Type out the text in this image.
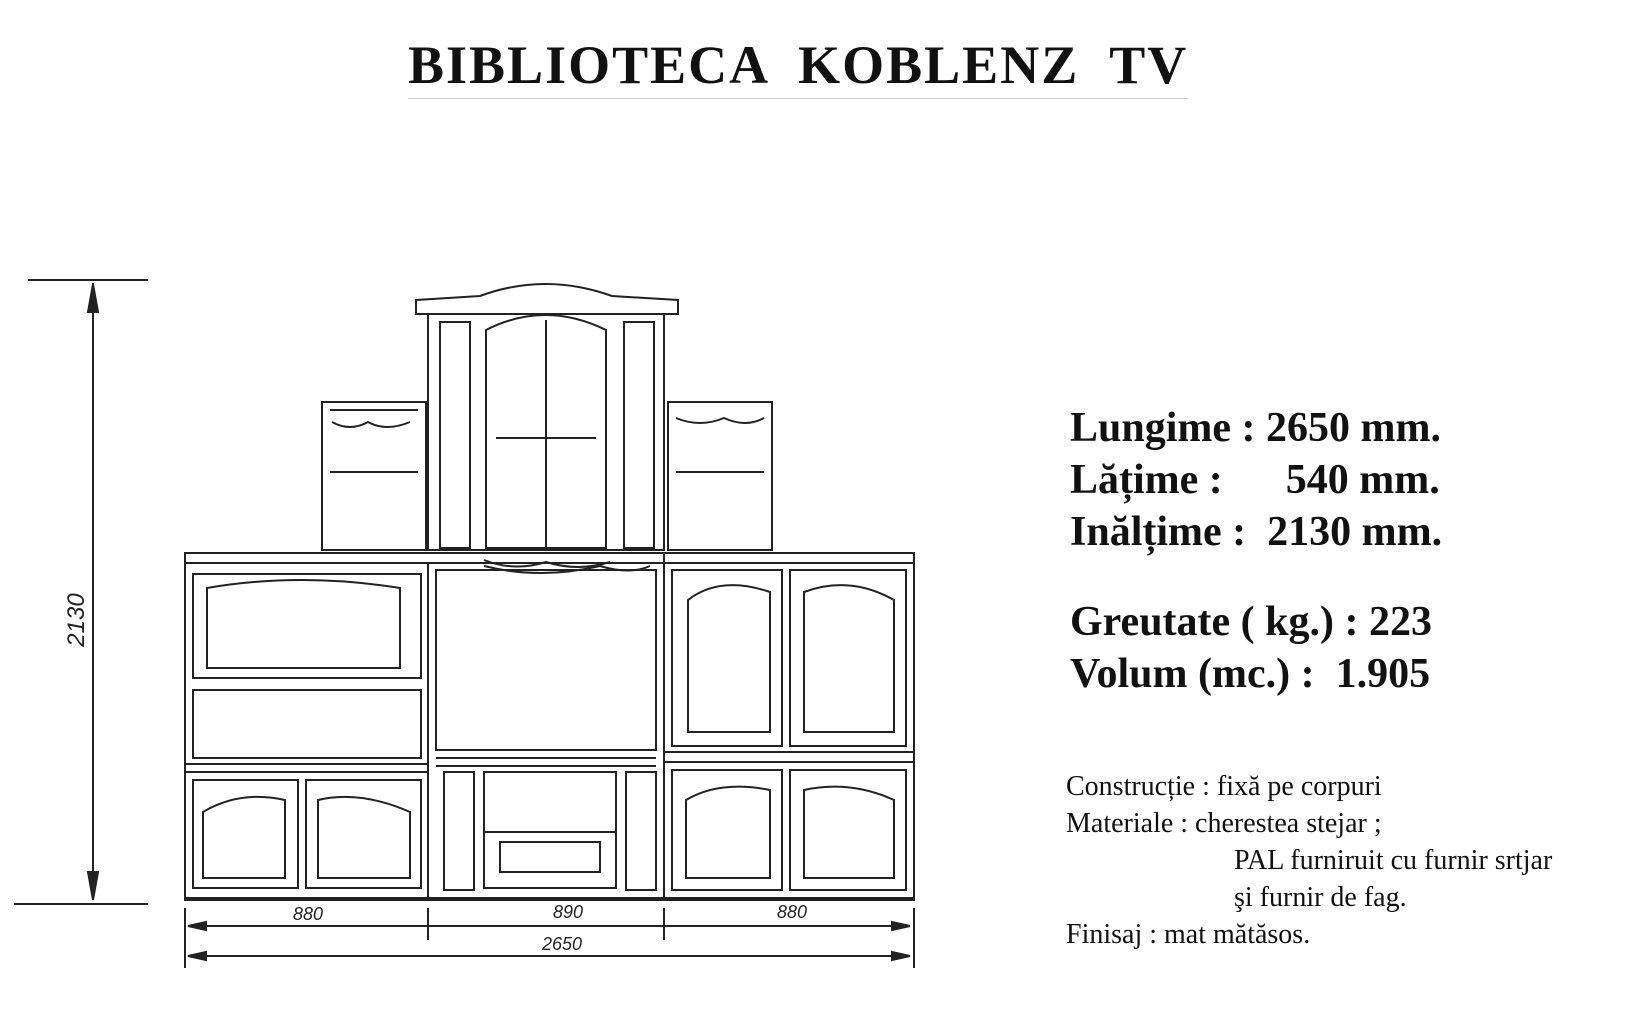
BIBLIOTECA  KOBLENZ  TV
2130
880	890	880
2650
Lungime : 2650 mm.
Lățime :      540 mm.
Inălțime :  2130 mm.
Greutate ( kg.) : 223
Volum (mc.) :  1.905
Construcție : fixă pe corpuri
Materiale : cherestea stejar ;
PAL furniruit cu furnir srtjar
şi furnir de fag.
Finisaj : mat mătăsos.
